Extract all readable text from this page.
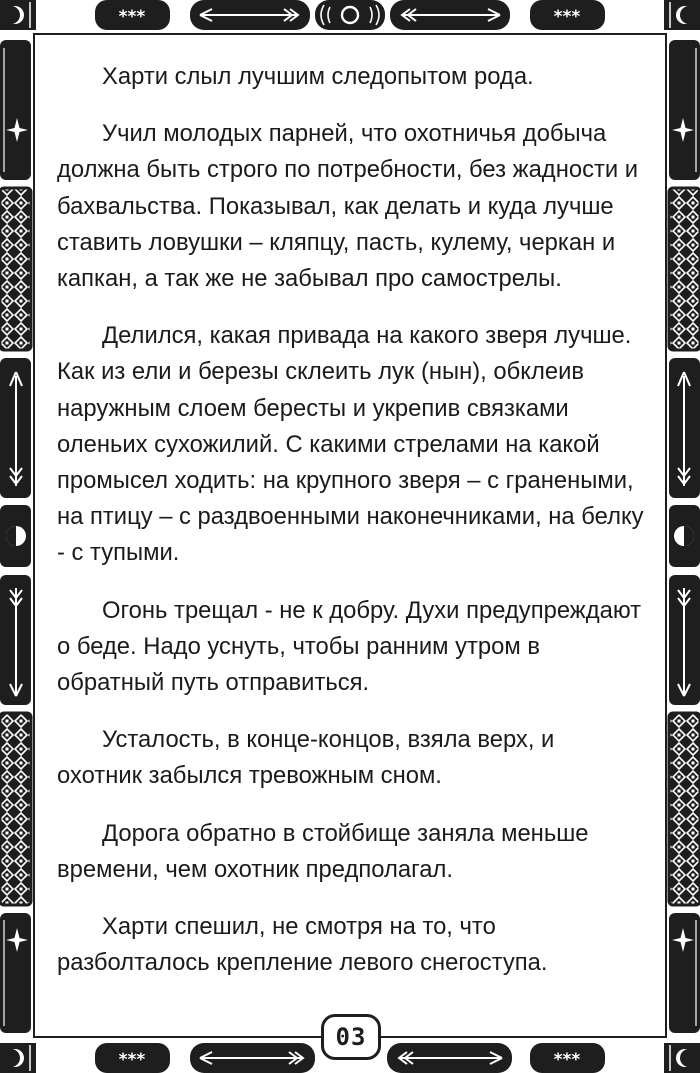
***	***
***	***

Харти слыл лучшим следопытом рода.

Учил молодых парней, что охотничья добыча должна быть строго по потребности, без жадности и бахвальства. Показывал, как делать и куда лучше ставить ловушки – кляпцу, пасть, кулему, черкан и капкан, а так же не забывал про самострелы.

Делился, какая привада на какого зверя лучше. Как из ели и березы склеить лук (нын), обклеив наружным слоем бересты и укрепив связками оленьих сухожилий. С какими стрелами на какой промысел ходить: на крупного зверя – с гранеными, на птицу – с раздвоенными наконечниками, на белку - с тупыми.

Огонь трещал - не к добру. Духи предупреждают о беде. Надо уснуть, чтобы ранним утром в обратный путь отправиться.

Усталость, в конце-концов, взяла верх, и охотник забылся тревожным сном.

Дорога обратно в стойбище заняла меньше времени, чем охотник предполагал.

Харти спешил, не смотря на то, что разболталось крепление левого снегоступа.

03
